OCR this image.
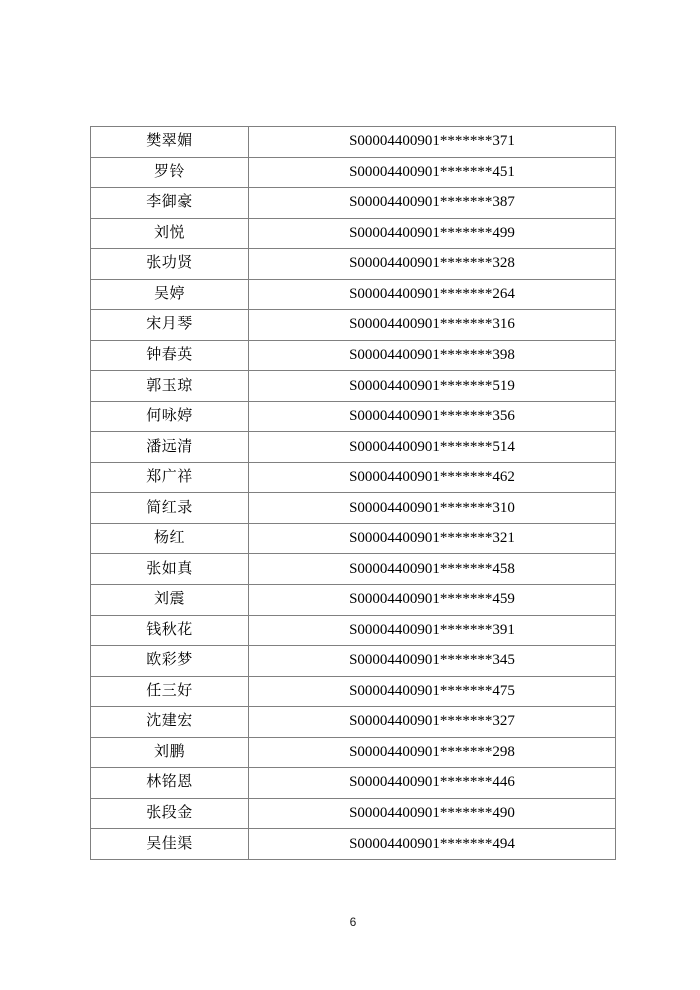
樊翠媚	S00004400901*******371
罗铃	S00004400901*******451
李御豪	S00004400901*******387
刘悦	S00004400901*******499
张功贤	S00004400901*******328
吴婷	S00004400901*******264
宋月琴	S00004400901*******316
钟春英	S00004400901*******398
郭玉琼	S00004400901*******519
何咏婷	S00004400901*******356
潘远清	S00004400901*******514
郑广祥	S00004400901*******462
简红录	S00004400901*******310
杨红	S00004400901*******321
张如真	S00004400901*******458
刘震	S00004400901*******459
钱秋花	S00004400901*******391
欧彩梦	S00004400901*******345
任三好	S00004400901*******475
沈建宏	S00004400901*******327
刘鹏	S00004400901*******298
林铭恩	S00004400901*******446
张段金	S00004400901*******490
吴佳渠	S00004400901*******494
6
